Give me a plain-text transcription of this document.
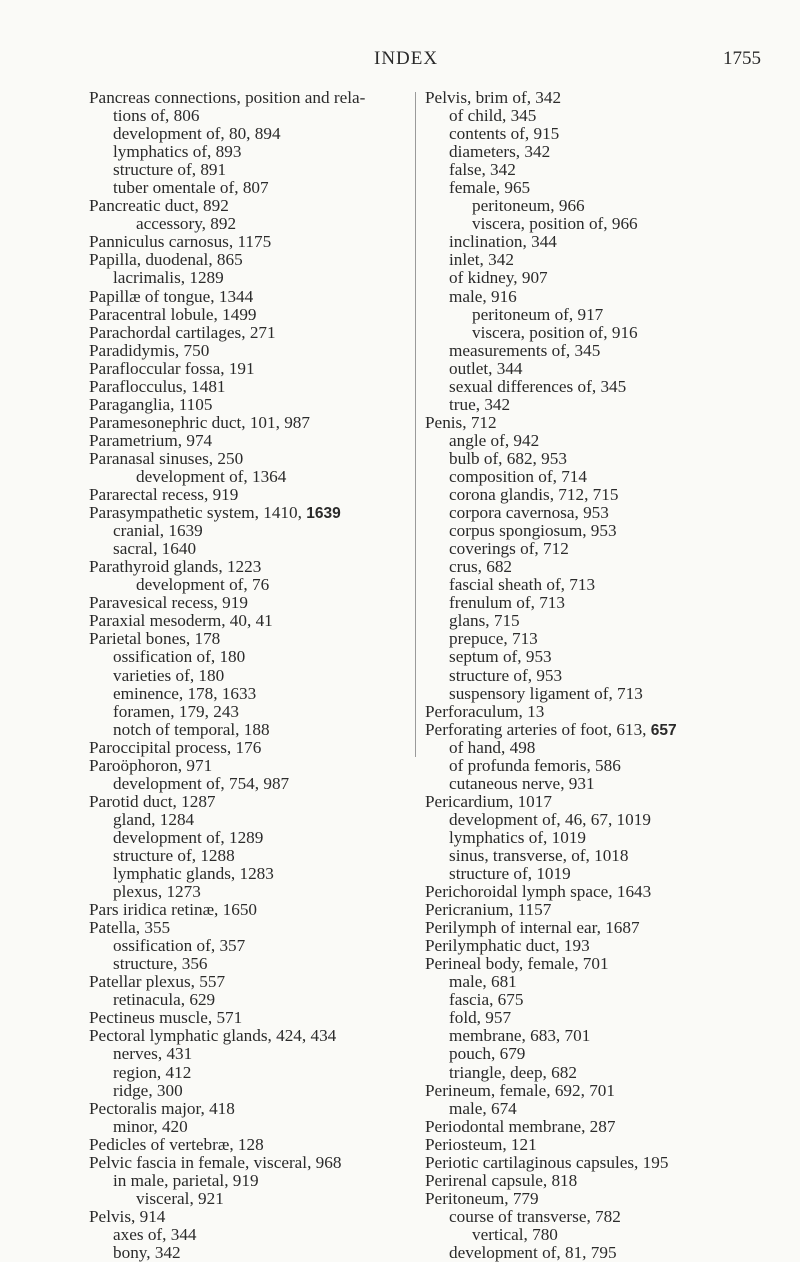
INDEX	1755
Pancreas connections, position and rela-
tions of, 806
development of, 80, 894
lymphatics of, 893
structure of, 891
tuber omentale of, 807
Pancreatic duct, 892
accessory, 892
Panniculus carnosus, 1175
Papilla, duodenal, 865
lacrimalis, 1289
Papillæ of tongue, 1344
Paracentral lobule, 1499
Parachordal cartilages, 271
Paradidymis, 750
Parafloccular fossa, 191
Paraflocculus, 1481
Paraganglia, 1105
Paramesonephric duct, 101, 987
Parametrium, 974
Paranasal sinuses, 250
development of, 1364
Pararectal recess, 919
Parasympathetic system, 1410, 1639
cranial, 1639
sacral, 1640
Parathyroid glands, 1223
development of, 76
Paravesical recess, 919
Paraxial mesoderm, 40, 41
Parietal bones, 178
ossification of, 180
varieties of, 180
eminence, 178, 1633
foramen, 179, 243
notch of temporal, 188
Paroccipital process, 176
Paroöphoron, 971
development of, 754, 987
Parotid duct, 1287
gland, 1284
development of, 1289
structure of, 1288
lymphatic glands, 1283
plexus, 1273
Pars iridica retinæ, 1650
Patella, 355
ossification of, 357
structure, 356
Patellar plexus, 557
retinacula, 629
Pectineus muscle, 571
Pectoral lymphatic glands, 424, 434
nerves, 431
region, 412
ridge, 300
Pectoralis major, 418
minor, 420
Pedicles of vertebræ, 128
Pelvic fascia in female, visceral, 968
in male, parietal, 919
visceral, 921
Pelvis, 914
axes of, 344
bony, 342
Pelvis, brim of, 342
of child, 345
contents of, 915
diameters, 342
false, 342
female, 965
peritoneum, 966
viscera, position of, 966
inclination, 344
inlet, 342
of kidney, 907
male, 916
peritoneum of, 917
viscera, position of, 916
measurements of, 345
outlet, 344
sexual differences of, 345
true, 342
Penis, 712
angle of, 942
bulb of, 682, 953
composition of, 714
corona glandis, 712, 715
corpora cavernosa, 953
corpus spongiosum, 953
coverings of, 712
crus, 682
fascial sheath of, 713
frenulum of, 713
glans, 715
prepuce, 713
septum of, 953
structure of, 953
suspensory ligament of, 713
Perforaculum, 13
Perforating arteries of foot, 613, 657
of hand, 498
of profunda femoris, 586
cutaneous nerve, 931
Pericardium, 1017
development of, 46, 67, 1019
lymphatics of, 1019
sinus, transverse, of, 1018
structure of, 1019
Perichoroidal lymph space, 1643
Pericranium, 1157
Perilymph of internal ear, 1687
Perilymphatic duct, 193
Perineal body, female, 701
male, 681
fascia, 675
fold, 957
membrane, 683, 701
pouch, 679
triangle, deep, 682
Perineum, female, 692, 701
male, 674
Periodontal membrane, 287
Periosteum, 121
Periotic cartilaginous capsules, 195
Perirenal capsule, 818
Peritoneum, 779
course of transverse, 782
vertical, 780
development of, 81, 795
